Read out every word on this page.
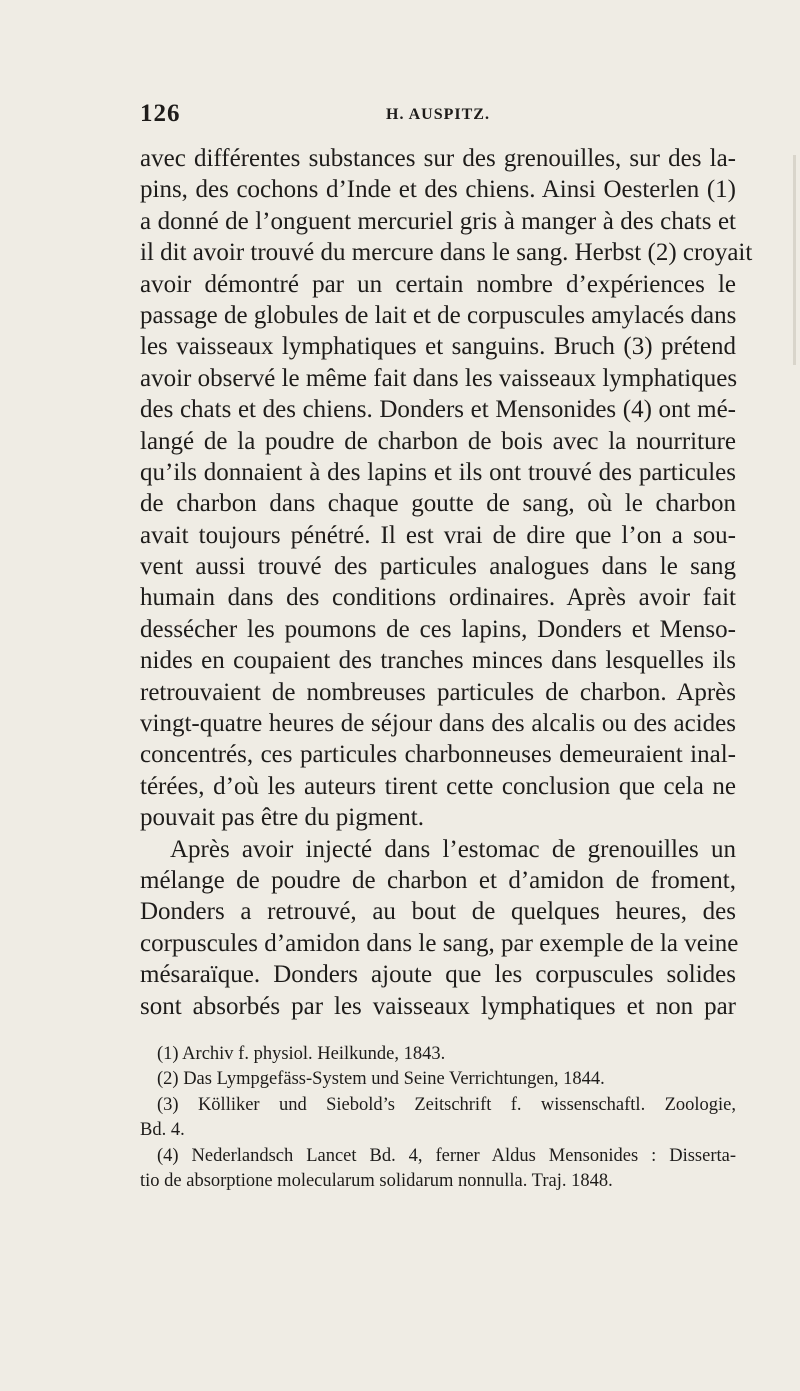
126	H. AUSPITZ.
avec différentes substances sur des grenouilles, sur des la-
pins, des cochons d’Inde et des chiens. Ainsi Oesterlen (1)
a donné de l’onguent mercuriel gris à manger à des chats et
il dit avoir trouvé du mercure dans le sang. Herbst (2) croyait
avoir démontré par un certain nombre d’expériences le
passage de globules de lait et de corpuscules amylacés dans
les vaisseaux lymphatiques et sanguins. Bruch (3) prétend
avoir observé le même fait dans les vaisseaux lymphatiques
des chats et des chiens. Donders et Mensonides (4) ont mé-
langé de la poudre de charbon de bois avec la nourriture
qu’ils donnaient à des lapins et ils ont trouvé des particules
de charbon dans chaque goutte de sang, où le charbon
avait toujours pénétré. Il est vrai de dire que l’on a sou-
vent aussi trouvé des particules analogues dans le sang
humain dans des conditions ordinaires. Après avoir fait
dessécher les poumons de ces lapins, Donders et Menso-
nides en coupaient des tranches minces dans lesquelles ils
retrouvaient de nombreuses particules de charbon. Après
vingt-quatre heures de séjour dans des alcalis ou des acides
concentrés, ces particules charbonneuses demeuraient inal-
térées, d’où les auteurs tirent cette conclusion que cela ne
pouvait pas être du pigment.
Après avoir injecté dans l’estomac de grenouilles un
mélange de poudre de charbon et d’amidon de froment,
Donders a retrouvé, au bout de quelques heures, des
corpuscules d’amidon dans le sang, par exemple de la veine
mésaraïque. Donders ajoute que les corpuscules solides
sont absorbés par les vaisseaux lymphatiques et non par
(1) Archiv f. physiol. Heilkunde, 1843.
(2) Das Lympgefäss-System und Seine Verrichtungen, 1844.
(3) Kölliker und Siebold’s Zeitschrift f. wissenschaftl. Zoologie,
Bd. 4.
(4) Nederlandsch Lancet Bd. 4, ferner Aldus Mensonides : Disserta-
tio de absorptione molecularum solidarum nonnulla. Traj. 1848.
